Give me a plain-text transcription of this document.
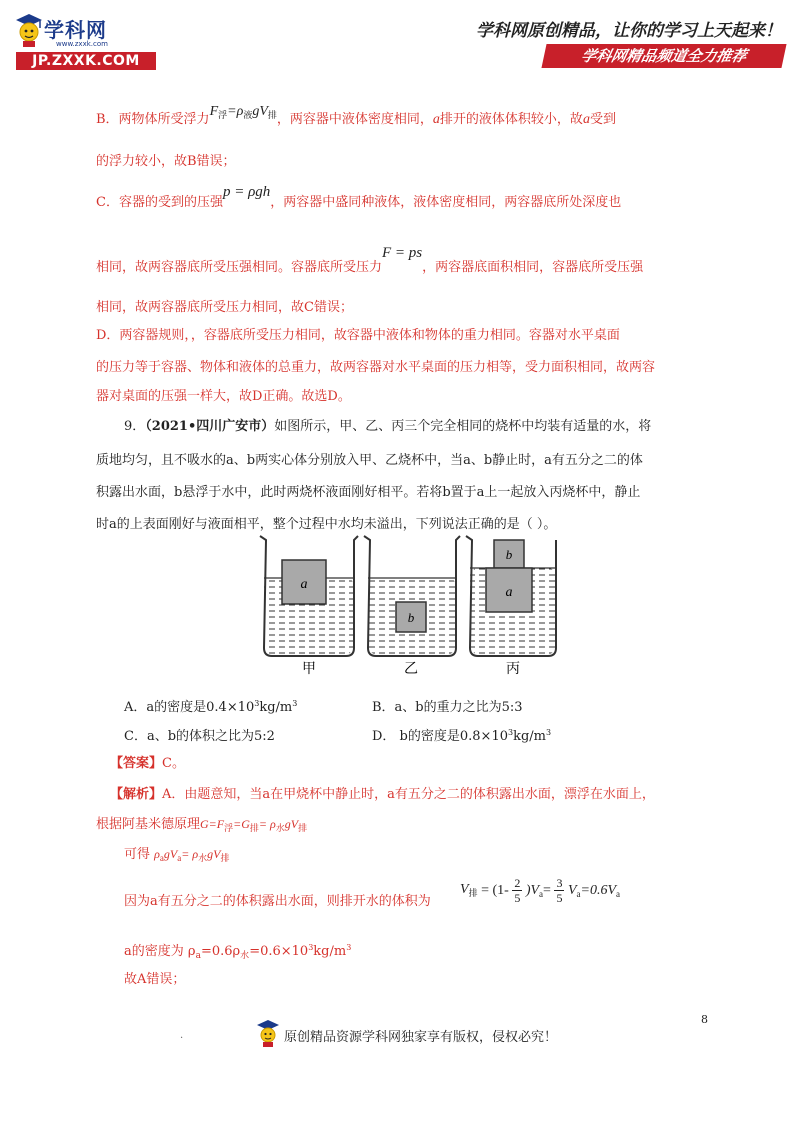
学科网
www.zxxk.com
JP.ZXXK.COM
学科网原创精品，让你的学习上天起来！
学科网精品频道全力推荐
B．两物体所受浮力$F_浮=\rho_液gV_排$，两容器中液体密度相同，a排开的液体体积较小，故a受到
的浮力较小，故B错误；
C．容器的受到的压强p = ρgh，两容器中盛同种液体，液体密度相同，两容器底所处深度也
相同，故两容器底所受压强相同。容器底所受压力F = ps，两容器底面积相同，容器底所受压强
相同，故两容器底所受压力相同，故C错误；
D．两容器规则，，容器底所受压力相同，故容器中液体和物体的重力相同。容器对水平桌面
的压力等于容器、物体和液体的总重力，故两容器对水平桌面的压力相等，受力面积相同，故两容
器对桌面的压强一样大，故D正确。故选D。
9．（2021•四川广安市）如图所示，甲、乙、丙三个完全相同的烧杯中均装有适量的水，将
质地均匀，且不吸水的a、b两实心体分别放入甲、乙烧杯中，当a、b静止时，a有五分之二的体
积露出水面，b悬浮于水中，此时两烧杯液面刚好相平。若将b置于a上一起放入丙烧杯中，静止
时a的上表面刚好与液面相平，整个过程中水均未溢出，下列说法正确的是（ ）。
a
甲
b
乙
b
a
丙
A．a的密度是$0.4\times 10^3kg/m^3$	B．a、b的重力之比为5:3
C．a、b的体积之比为5:2	D． b的密度是$0.8\times 10^3kg/m^3$
【答案】C。
【解析】A．由题意知，当a在甲烧杯中静止时，a有五分之二的体积露出水面，漂浮在水面上，
根据阿基米德原理$G=F_浮=G_排= \rho_水gV_排$
可得 $\rho_agV_a= \rho_水gV_排$
因为a有五分之二的体积露出水面，则排开水的体积为
$V_排 = (1- \frac{2}{5} )V_a= \frac{3}{5} V_a=0.6V_a$
a的密度为 $\rho_a=0.6\rho_水=0.6\times 10^3kg/m^3$
故A错误；
8
.	原创精品资源学科网独家享有版权，侵权必究！
